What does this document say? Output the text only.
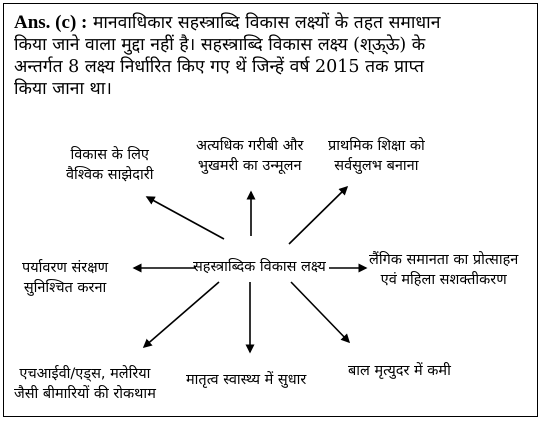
Ans. (c) : मानवाधिकार सहस्त्राब्दि विकास लक्ष्यों के तहत समाधान
किया जाने वाला मुद्दा नहीं है। सहस्त्राब्दि विकास लक्ष्य (श्ऊ्ऊे) के
अन्तर्गत 8 लक्ष्य निर्धारित किए गए थें जिन्हें वर्ष 2015 तक प्राप्त
किया जाना था।
सहस्त्राब्दिक विकास लक्ष्य
विकास के लिए
वैश्विक साझेदारी
अत्यधिक गरीबी और
भुखमरी का उन्मूलन
प्राथमिक शिक्षा को
सर्वसुलभ बनाना
पर्यावरण संरक्षण
सुनिश्चित करना
लैंगिक समानता का प्रोत्साहन
एवं महिला सशक्तीकरण
एचआईवी/एड्स, मलेरिया
जैसी बीमारियों की रोकथाम
मातृत्व स्वास्थ्य में सुधार
बाल मृत्युदर में कमी
